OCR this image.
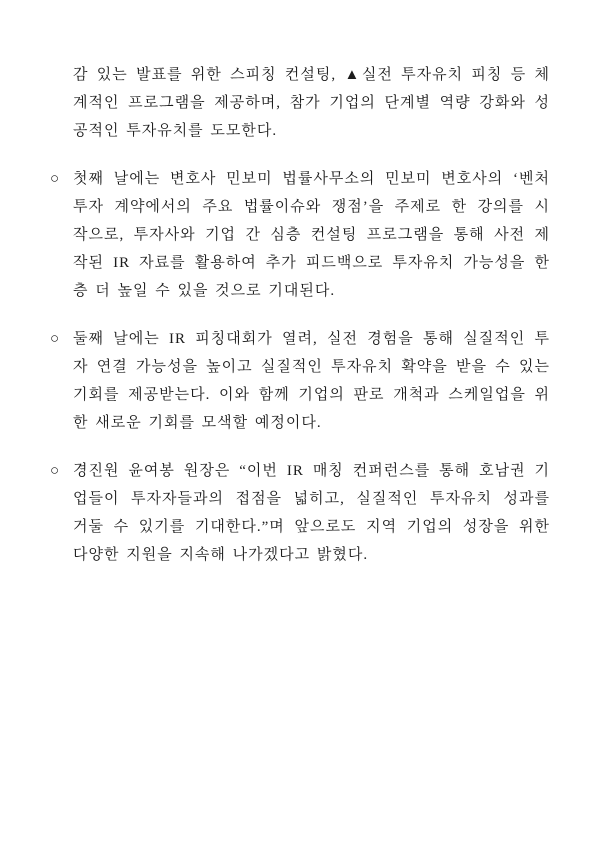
감 있는 발표를 위한 스피칭 컨설팅, ▲실전 투자유치 피칭 등 체
계적인 프로그램을 제공하며, 참가 기업의 단계별 역량 강화와 성
공적인 투자유치를 도모한다.
○ 첫째 날에는 변호사 민보미 법률사무소의 민보미 변호사의 ‘벤처
투자 계약에서의 주요 법률이슈와 쟁점’을 주제로 한 강의를 시
작으로, 투자사와 기업 간 심층 컨설팅 프로그램을 통해 사전 제
작된 IR 자료를 활용하여 추가 피드백으로 투자유치 가능성을 한
층 더 높일 수 있을 것으로 기대된다.
○ 둘째 날에는 IR 피칭대회가 열려, 실전 경험을 통해 실질적인 투
자 연결 가능성을 높이고 실질적인 투자유치 확약을 받을 수 있는
기회를 제공받는다. 이와 함께 기업의 판로 개척과 스케일업을 위
한 새로운 기회를 모색할 예정이다.
○ 경진원 윤여봉 원장은 “이번 IR 매칭 컨퍼런스를 통해 호남권 기
업들이 투자자들과의 접점을 넓히고, 실질적인 투자유치 성과를
거둘 수 있기를 기대한다.”며 앞으로도 지역 기업의 성장을 위한
다양한 지원을 지속해 나가겠다고 밝혔다.
